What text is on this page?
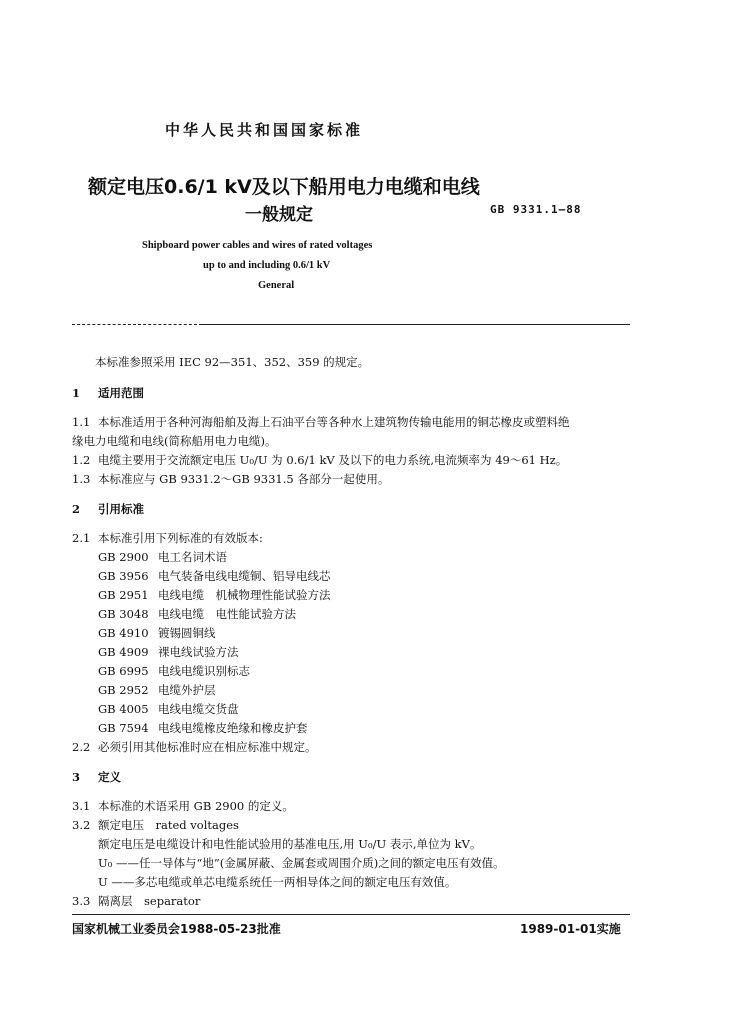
中华人民共和国国家标准
额定电压0.6/1 kV及以下船用电力电缆和电线
一般规定	GB 9331.1—88
Shipboard power cables and wires of rated voltages
up to and including 0.6/1 kV
General
本标准参照采用 IEC 92—351、352、359 的规定。
1 适用范围
1.1 本标准适用于各种河海船舶及海上石油平台等各种水上建筑物传输电能用的铜芯橡皮或塑料绝
缘电力电缆和电线(简称船用电力电缆)。
1.2 电缆主要用于交流额定电压 U₀/U 为 0.6/1 kV 及以下的电力系统,电流频率为 49～61 Hz。
1.3 本标准应与 GB 9331.2～GB 9331.5 各部分一起使用。
2 引用标准
2.1 本标准引用下列标准的有效版本:
GB 2900 电工名词术语
GB 3956 电气装备电线电缆铜、铝导电线芯
GB 2951 电线电缆　机械物理性能试验方法
GB 3048 电线电缆　电性能试验方法
GB 4910 镀锡圆铜线
GB 4909 裸电线试验方法
GB 6995 电线电缆识别标志
GB 2952 电缆外护层
GB 4005 电线电缆交货盘
GB 7594 电线电缆橡皮绝缘和橡皮护套
2.2 必须引用其他标准时应在相应标准中规定。
3 定义
3.1 本标准的术语采用 GB 2900 的定义。
3.2 额定电压　rated voltages
额定电压是电缆设计和电性能试验用的基准电压,用 U₀/U 表示,单位为 kV。
U₀ ——任一导体与“地”(金属屏蔽、金属套或周围介质)之间的额定电压有效值。
U ——多芯电缆或单芯电缆系统任一两相导体之间的额定电压有效值。
3.3 隔离层　separator
国家机械工业委员会1988-05-23批准	1989-01-01实施
